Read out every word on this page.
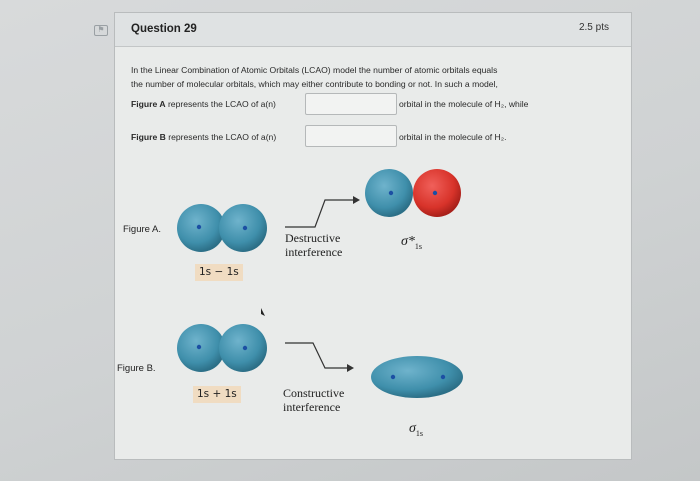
⚑ Question 29	2.5 pts
In the Linear Combination of Atomic Orbitals (LCAO) model the number of atomic orbitals equals
the number of molecular orbitals, which may either contribute to bonding or not. In such a model,
Figure A represents the LCAO of a(n)	orbital in the molecule of H₂, while
Figure B represents the LCAO of a(n)	orbital in the molecule of H₂.
Figure A.
1s − 1s
Destructive
interference
$\sigma*_{1s}$
Figure B.
1s + 1s	Constructive
interference
$\sigma_{1s}$
